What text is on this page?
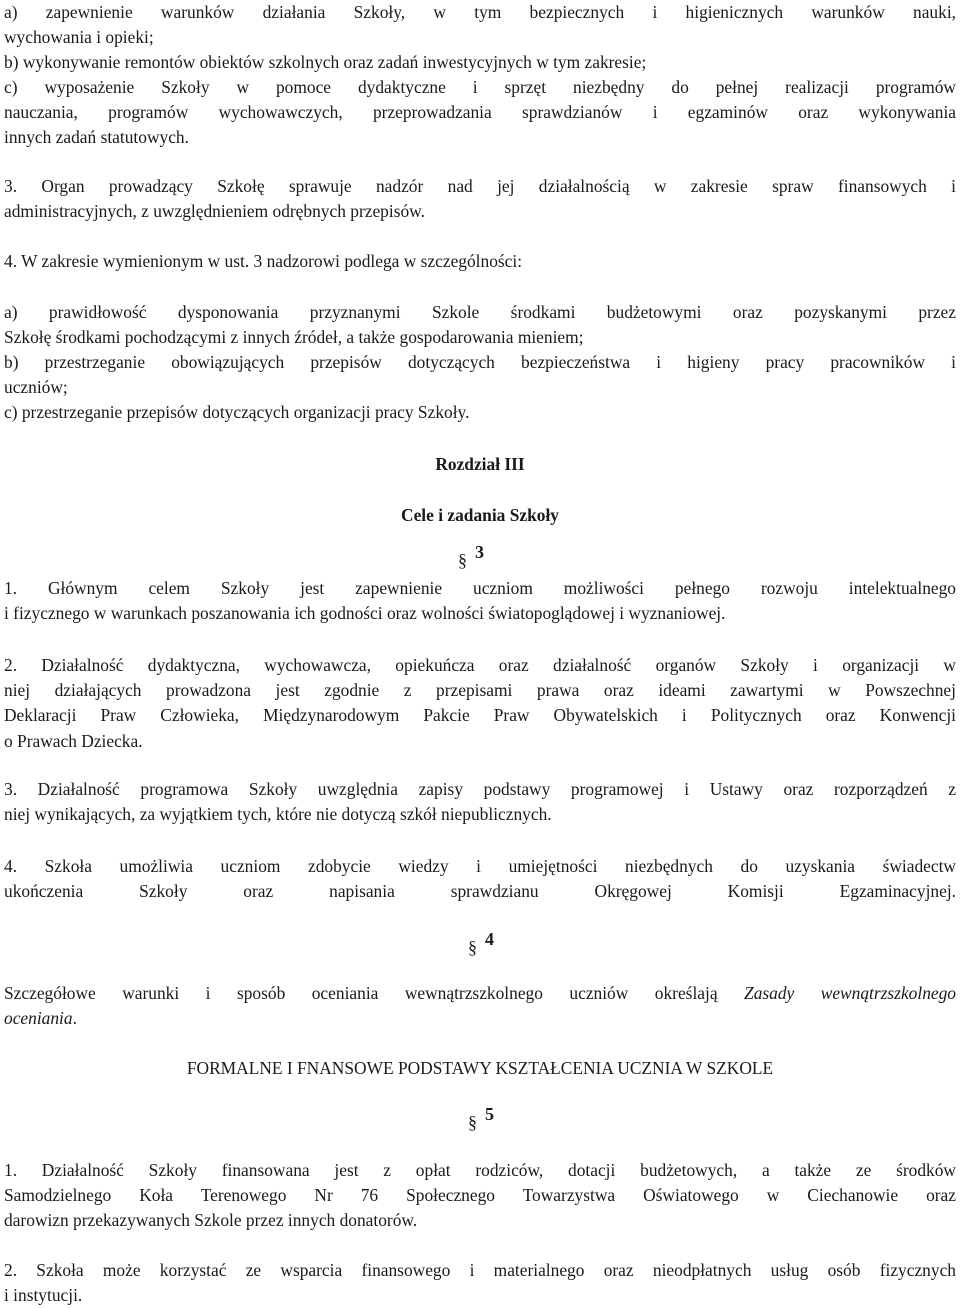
a) zapewnienie warunków działania Szkoły, w tym bezpiecznych i higienicznych warunków nauki,
wychowania i opieki;

b) wykonywanie remontów obiektów szkolnych oraz zadań inwestycyjnych w tym zakresie;

c) wyposażenie Szkoły w pomoce dydaktyczne i sprzęt niezbędny do pełnej realizacji programów
nauczania, programów wychowawczych, przeprowadzania sprawdzianów i egzaminów oraz wykonywania
innych zadań statutowych.

3. Organ prowadzący Szkołę sprawuje nadzór nad jej działalnością w zakresie spraw finansowych i
administracyjnych, z uwzględnieniem odrębnych przepisów.

4. W zakresie wymienionym w ust. 3 nadzorowi podlega w szczególności:

a) prawidłowość dysponowania przyznanymi Szkole środkami budżetowymi oraz pozyskanymi przez
Szkołę środkami pochodzącymi z innych źródeł, a także gospodarowania mieniem;

b) przestrzeganie obowiązujących przepisów dotyczących bezpieczeństwa i higieny pracy pracowników i
uczniów;

c) przestrzeganie przepisów dotyczących organizacji pracy Szkoły.

Rozdział III

Cele i zadania Szkoły

§ 3

1. Głównym celem Szkoły jest zapewnienie uczniom możliwości pełnego rozwoju intelektualnego
i fizycznego w warunkach poszanowania ich godności oraz wolności światopoglądowej i wyznaniowej.

2. Działalność dydaktyczna, wychowawcza, opiekuńcza oraz działalność organów Szkoły i organizacji w
niej działających prowadzona jest zgodnie z przepisami prawa oraz ideami zawartymi w Powszechnej
Deklaracji Praw Człowieka, Międzynarodowym Pakcie Praw Obywatelskich i Politycznych oraz Konwencji
o Prawach Dziecka.

3. Działalność programowa Szkoły uwzględnia zapisy podstawy programowej i Ustawy oraz rozporządzeń z
niej wynikających, za wyjątkiem tych, które nie dotyczą szkół niepublicznych.

4. Szkoła umożliwia uczniom zdobycie wiedzy i umiejętności niezbędnych do uzyskania świadectw
ukończenia Szkoły oraz napisania sprawdzianu Okręgowej Komisji Egzaminacyjnej.

§ 4

Szczegółowe warunki i sposób oceniania wewnątrzszkolnego uczniów określają Zasady wewnątrzszkolnego
oceniania.

FORMALNE I FNANSOWE PODSTAWY KSZTAŁCENIA UCZNIA W SZKOLE

§ 5

1. Działalność Szkoły finansowana jest z opłat rodziców, dotacji budżetowych, a także ze środków
Samodzielnego Koła Terenowego Nr 76 Społecznego Towarzystwa Oświatowego w Ciechanowie oraz
darowizn przekazywanych Szkole przez innych donatorów.

2. Szkoła może korzystać ze wsparcia finansowego i materialnego oraz nieodpłatnych usług osób fizycznych
i instytucji.
